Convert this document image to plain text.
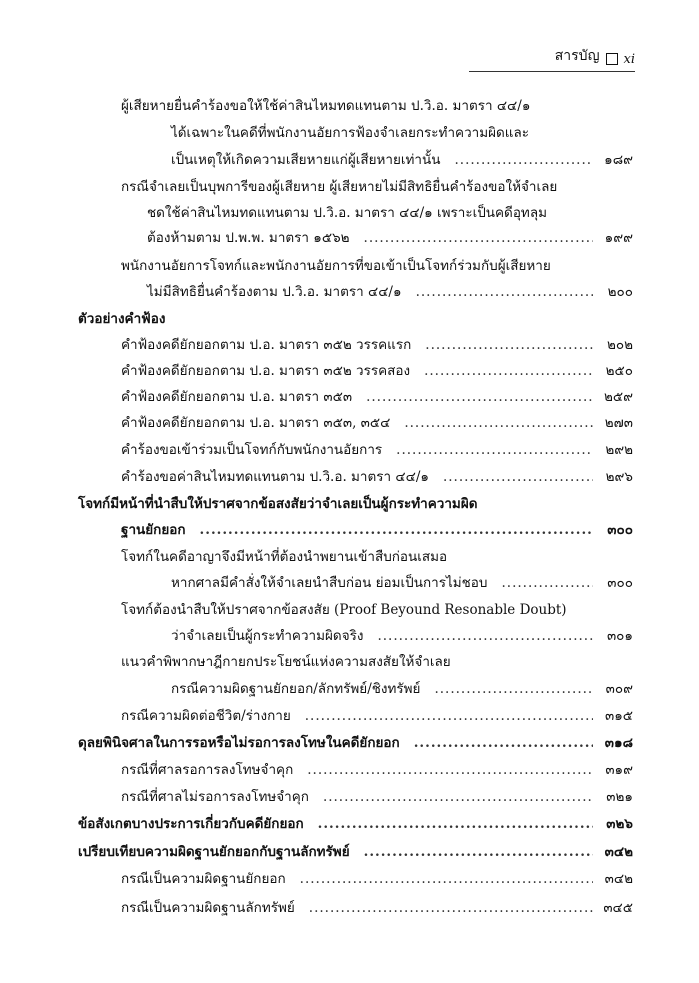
สารบัญ xi
ผู้เสียหายยื่นคำร้องขอให้ใช้ค่าสินไหมทดแทนตาม ป.วิ.อ. มาตรา ๔๔/๑
ได้เฉพาะในคดีที่พนักงานอัยการฟ้องจำเลยกระทำความผิดและ
เป็นเหตุให้เกิดความเสียหายแก่ผู้เสียหายเท่านั้น .....	๑๘๙
กรณีจำเลยเป็นบุพการีของผู้เสียหาย ผู้เสียหายไม่มีสิทธิยื่นคำร้องขอให้จำเลย
ชดใช้ค่าสินไหมทดแทนตาม ป.วิ.อ. มาตรา ๔๔/๑ เพราะเป็นคดีอุทลุม
ต้องห้ามตาม ป.พ.พ. มาตรา ๑๕๖๒ .....	๑๙๙
พนักงานอัยการโจทก์และพนักงานอัยการที่ขอเข้าเป็นโจทก์ร่วมกับผู้เสียหาย
ไม่มีสิทธิยื่นคำร้องตาม ป.วิ.อ. มาตรา ๔๔/๑ .....	๒๐๐
ตัวอย่างคำฟ้อง
คำฟ้องคดียักยอกตาม ป.อ. มาตรา ๓๕๒ วรรคแรก .....	๒๐๒
คำฟ้องคดียักยอกตาม ป.อ. มาตรา ๓๕๒ วรรคสอง .....	๒๕๐
คำฟ้องคดียักยอกตาม ป.อ. มาตรา ๓๕๓ .....	๒๕๙
คำฟ้องคดียักยอกตาม ป.อ. มาตรา ๓๕๓, ๓๕๔ .....	๒๗๓
คำร้องขอเข้าร่วมเป็นโจทก์กับพนักงานอัยการ .....	๒๙๒
คำร้องขอค่าสินไหมทดแทนตาม ป.วิ.อ. มาตรา ๔๔/๑ .....	๒๙๖
โจทก์มีหน้าที่นำสืบให้ปราศจากข้อสงสัยว่าจำเลยเป็นผู้กระทำความผิด
ฐานยักยอก .....	๓๐๐
โจทก์ในคดีอาญาจึงมีหน้าที่ต้องนำพยานเข้าสืบก่อนเสมอ
หากศาลมีคำสั่งให้จำเลยนำสืบก่อน ย่อมเป็นการไม่ชอบ .....	๓๐๐
โจทก์ต้องนำสืบให้ปราศจากข้อสงสัย (Proof Beyound Resonable Doubt)
ว่าจำเลยเป็นผู้กระทำความผิดจริง .....	๓๐๑
แนวคำพิพากษาฎีกายกประโยชน์แห่งความสงสัยให้จำเลย
กรณีความผิดฐานยักยอก/ลักทรัพย์/ชิงทรัพย์ .....	๓๐๙
กรณีความผิดต่อชีวิต/ร่างกาย .....	๓๑๕
ดุลยพินิจศาลในการรอหรือไม่รอการลงโทษในคดียักยอก .....	๓๑๘
กรณีที่ศาลรอการลงโทษจำคุก .....	๓๑๙
กรณีที่ศาลไม่รอการลงโทษจำคุก .....	๓๒๑
ข้อสังเกตบางประการเกี่ยวกับคดียักยอก .....	๓๒๖
เปรียบเทียบความผิดฐานยักยอกกับฐานลักทรัพย์ .....	๓๔๒
กรณีเป็นความผิดฐานยักยอก .....	๓๔๒
กรณีเป็นความผิดฐานลักทรัพย์ .....	๓๔๕
